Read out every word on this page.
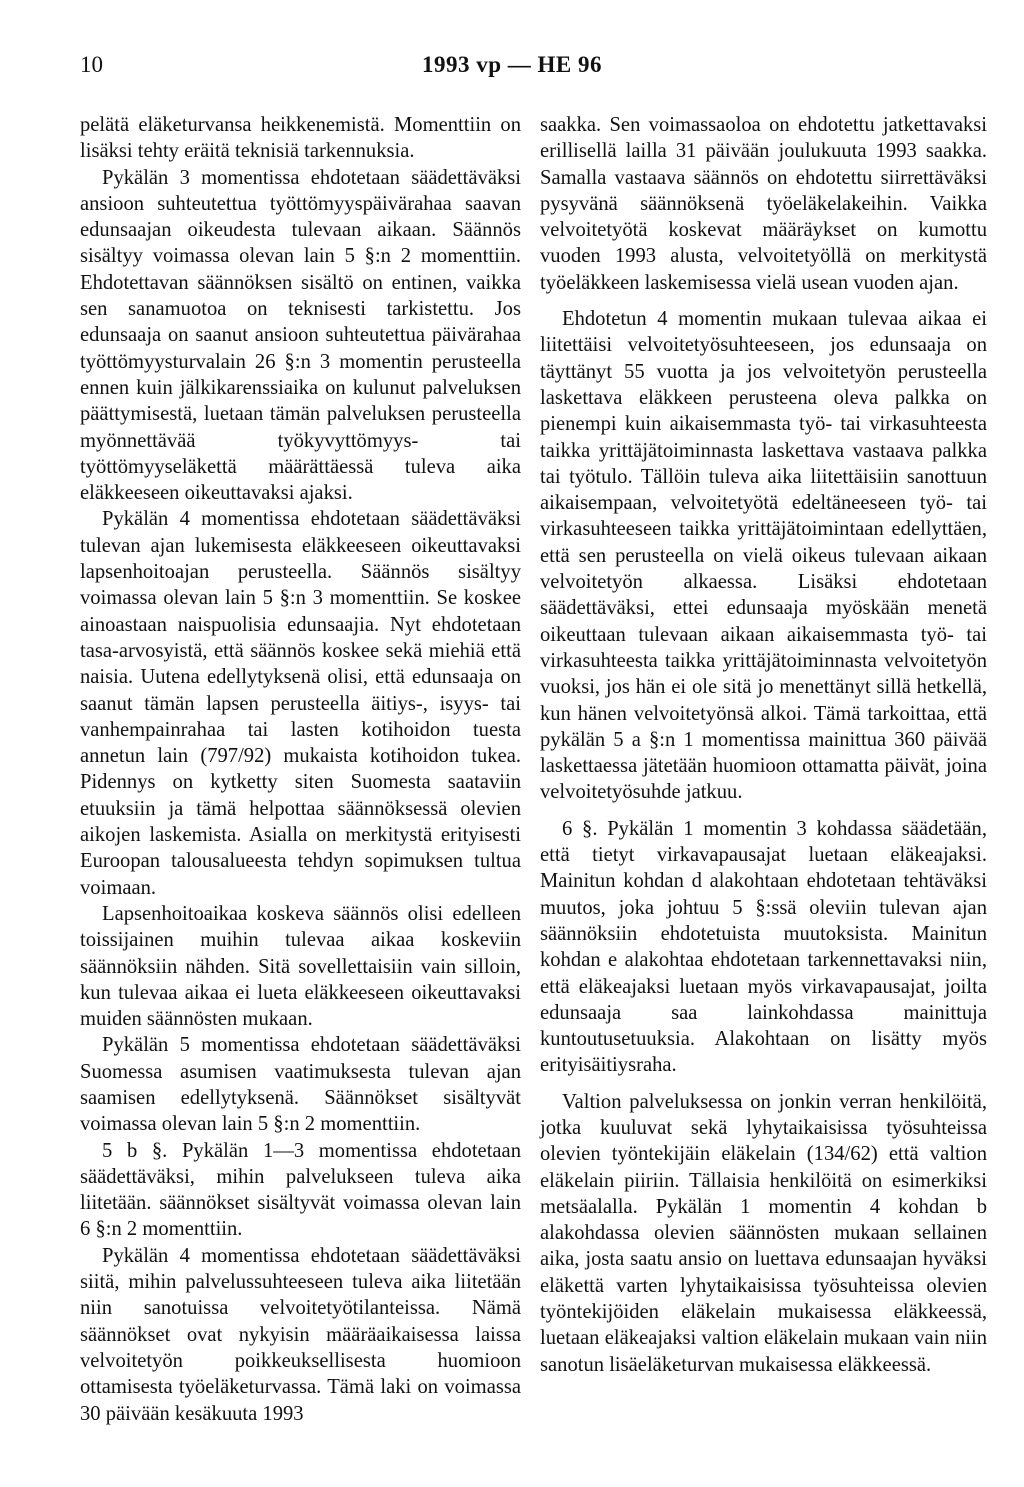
10	1993 vp — HE 96

pelätä eläketurvansa heikkenemistä. Momenttiin on lisäksi tehty eräitä teknisiä tarkennuksia.

Pykälän 3 momentissa ehdotetaan säädettäväksi ansioon suhteutettua työttömyyspäivärahaa saavan edunsaajan oikeudesta tulevaan aikaan. Säännös sisältyy voimassa olevan lain 5 §:n 2 momenttiin. Ehdotettavan säännöksen sisältö on entinen, vaikka sen sanamuotoa on teknisesti tarkistettu. Jos edunsaaja on saanut ansioon suhteutettua päivärahaa työttömyysturvalain 26 §:n 3 momentin perusteella ennen kuin jälkikarenssiaika on kulunut palveluksen päättymisestä, luetaan tämän palveluksen perusteella myönnettävää työkyvyttömyys- tai työttömyyseläkettä määrättäessä tuleva aika eläkkeeseen oikeuttavaksi ajaksi.

Pykälän 4 momentissa ehdotetaan säädettäväksi tulevan ajan lukemisesta eläkkeeseen oikeuttavaksi lapsenhoitoajan perusteella. Säännös sisältyy voimassa olevan lain 5 §:n 3 momenttiin. Se koskee ainoastaan naispuolisia edunsaajia. Nyt ehdotetaan tasa-arvosyistä, että säännös koskee sekä miehiä että naisia. Uutena edellytyksenä olisi, että edunsaaja on saanut tämän lapsen perusteella äitiys-, isyys- tai vanhempainrahaa tai lasten kotihoidon tuesta annetun lain (797/92) mukaista kotihoidon tukea. Pidennys on kytketty siten Suomesta saataviin etuuksiin ja tämä helpottaa säännöksessä olevien aikojen laskemista. Asialla on merkitystä erityisesti Euroopan talousalueesta tehdyn sopimuksen tultua voimaan.

Lapsenhoitoaikaa koskeva säännös olisi edelleen toissijainen muihin tulevaa aikaa koskeviin säännöksiin nähden. Sitä sovellettaisiin vain silloin, kun tulevaa aikaa ei lueta eläkkeeseen oikeuttavaksi muiden säännösten mukaan.

Pykälän 5 momentissa ehdotetaan säädettäväksi Suomessa asumisen vaatimuksesta tulevan ajan saamisen edellytyksenä. Säännökset sisältyvät voimassa olevan lain 5 §:n 2 momenttiin.

5 b §. Pykälän 1—3 momentissa ehdotetaan säädettäväksi, mihin palvelukseen tuleva aika liitetään. säännökset sisältyvät voimassa olevan lain 6 §:n 2 momenttiin.

Pykälän 4 momentissa ehdotetaan säädettäväksi siitä, mihin palvelussuhteeseen tuleva aika liitetään niin sanotuissa velvoitetyötilanteissa. Nämä säännökset ovat nykyisin määräaikaisessa laissa velvoitetyön poikkeuksellisesta huomioon ottamisesta työeläketurvassa. Tämä laki on voimassa 30 päivään kesäkuuta 1993

saakka. Sen voimassaoloa on ehdotettu jatkettavaksi erillisellä lailla 31 päivään joulukuuta 1993 saakka. Samalla vastaava säännös on ehdotettu siirrettäväksi pysyvänä säännöksenä työeläkelakeihin. Vaikka velvoitetyötä koskevat määräykset on kumottu vuoden 1993 alusta, velvoitetyöllä on merkitystä työeläkkeen laskemisessa vielä usean vuoden ajan.

Ehdotetun 4 momentin mukaan tulevaa aikaa ei liitettäisi velvoitetyösuhteeseen, jos edunsaaja on täyttänyt 55 vuotta ja jos velvoitetyön perusteella laskettava eläkkeen perusteena oleva palkka on pienempi kuin aikaisemmasta työ- tai virkasuhteesta taikka yrittäjätoiminnasta laskettava vastaava palkka tai työtulo. Tällöin tuleva aika liitettäisiin sanottuun aikaisempaan, velvoitetyötä edeltäneeseen työ- tai virkasuhteeseen taikka yrittäjätoimintaan edellyttäen, että sen perusteella on vielä oikeus tulevaan aikaan velvoitetyön alkaessa. Lisäksi ehdotetaan säädettäväksi, ettei edunsaaja myöskään menetä oikeuttaan tulevaan aikaan aikaisemmasta työ- tai virkasuhteesta taikka yrittäjätoiminnasta velvoitetyön vuoksi, jos hän ei ole sitä jo menettänyt sillä hetkellä, kun hänen velvoitetyönsä alkoi. Tämä tarkoittaa, että pykälän 5 a §:n 1 momentissa mainittua 360 päivää laskettaessa jätetään huomioon ottamatta päivät, joina velvoitetyösuhde jatkuu.

6 §. Pykälän 1 momentin 3 kohdassa säädetään, että tietyt virkavapausajat luetaan eläkeajaksi. Mainitun kohdan d alakohtaan ehdotetaan tehtäväksi muutos, joka johtuu 5 §:ssä oleviin tulevan ajan säännöksiin ehdotetuista muutoksista. Mainitun kohdan e alakohtaa ehdotetaan tarkennettavaksi niin, että eläkeajaksi luetaan myös virkavapausajat, joilta edunsaaja saa lainkohdassa mainittuja kuntoutusetuuksia. Alakohtaan on lisätty myös erityisäitiysraha.

Valtion palveluksessa on jonkin verran henkilöitä, jotka kuuluvat sekä lyhytaikaisissa työsuhteissa olevien työntekijäin eläkelain (134/62) että valtion eläkelain piiriin. Tällaisia henkilöitä on esimerkiksi metsäalalla. Pykälän 1 momentin 4 kohdan b alakohdassa olevien säännösten mukaan sellainen aika, josta saatu ansio on luettava edunsaajan hyväksi eläkettä varten lyhytaikaisissa työsuhteissa olevien työntekijöiden eläkelain mukaisessa eläkkeessä, luetaan eläkeajaksi valtion eläkelain mukaan vain niin sanotun lisäeläketurvan mukaisessa eläkkeessä.
